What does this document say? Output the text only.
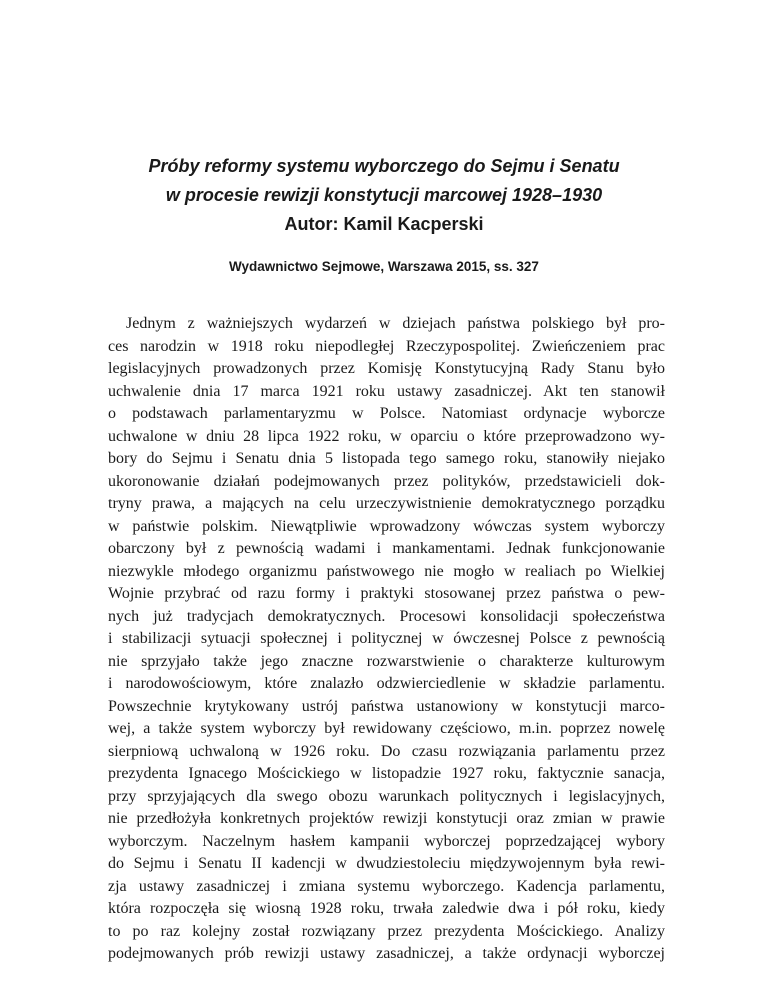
Próby reformy systemu wyborczego do Sejmu i Senatu
w procesie rewizji konstytucji marcowej 1928–1930
Autor: Kamil Kacperski
Wydawnictwo Sejmowe, Warszawa 2015, ss. 327
Jednym z ważniejszych wydarzeń w dziejach państwa polskiego był pro-
ces narodzin w 1918 roku niepodległej Rzeczypospolitej. Zwieńczeniem prac
legislacyjnych prowadzonych przez Komisję Konstytucyjną Rady Stanu było
uchwalenie dnia 17 marca 1921 roku ustawy zasadniczej. Akt ten stanowił
o podstawach parlamentaryzmu w Polsce. Natomiast ordynacje wyborcze
uchwalone w dniu 28 lipca 1922 roku, w oparciu o które przeprowadzono wy-
bory do Sejmu i Senatu dnia 5 listopada tego samego roku, stanowiły niejako
ukoronowanie działań podejmowanych przez polityków, przedstawicieli dok-
tryny prawa, a mających na celu urzeczywistnienie demokratycznego porządku
w państwie polskim. Niewątpliwie wprowadzony wówczas system wyborczy
obarczony był z pewnością wadami i mankamentami. Jednak funkcjonowanie
niezwykle młodego organizmu państwowego nie mogło w realiach po Wielkiej
Wojnie przybrać od razu formy i praktyki stosowanej przez państwa o pew-
nych już tradycjach demokratycznych. Procesowi konsolidacji społeczeństwa
i stabilizacji sytuacji społecznej i politycznej w ówczesnej Polsce z pewnością
nie sprzyjało także jego znaczne rozwarstwienie o charakterze kulturowym
i narodowościowym, które znalazło odzwierciedlenie w składzie parlamentu.
Powszechnie krytykowany ustrój państwa ustanowiony w konstytucji marco-
wej, a także system wyborczy był rewidowany częściowo, m.in. poprzez nowelę
sierpniową uchwaloną w 1926 roku. Do czasu rozwiązania parlamentu przez
prezydenta Ignacego Mościckiego w listopadzie 1927 roku, faktycznie sanacja,
przy sprzyjających dla swego obozu warunkach politycznych i legislacyjnych,
nie przedłożyła konkretnych projektów rewizji konstytucji oraz zmian w prawie
wyborczym. Naczelnym hasłem kampanii wyborczej poprzedzającej wybory
do Sejmu i Senatu II kadencji w dwudziestoleciu międzywojennym była rewi-
zja ustawy zasadniczej i zmiana systemu wyborczego. Kadencja parlamentu,
która rozpoczęła się wiosną 1928 roku, trwała zaledwie dwa i pół roku, kiedy
to po raz kolejny został rozwiązany przez prezydenta Mościckiego. Analizy
podejmowanych prób rewizji ustawy zasadniczej, a także ordynacji wyborczej
